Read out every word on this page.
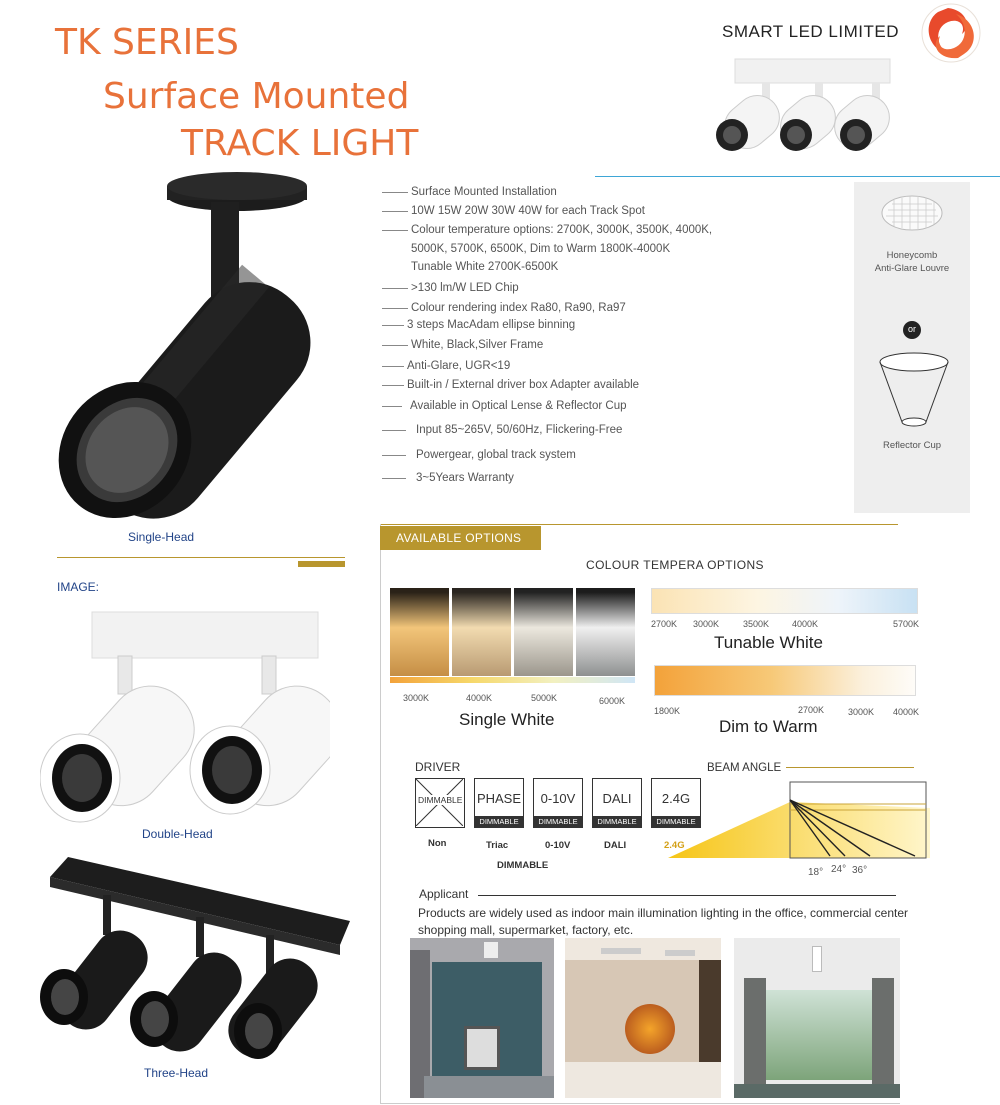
TK SERIES
Surface Mounted
TRACK LIGHT
SMART LED LIMITED
Single-Head
IMAGE:
Surface Mounted Installation
10W 15W 20W 30W 40W for each Track Spot
Colour temperature options: 2700K, 3000K, 3500K, 4000K,
5000K, 5700K, 6500K, Dim to Warm 1800K-4000K
Tunable White 2700K-6500K
>130 lm/W LED Chip
Colour rendering index Ra80, Ra90, Ra97
3 steps MacAdam ellipse binning
White, Black,Silver Frame
Anti-Glare, UGR<19
Built-in / External driver box Adapter available
Available in Optical Lense & Reflector Cup
Input 85~265V, 50/60Hz, Flickering-Free
Powergear, global track system
3~5Years Warranty
Honeycomb
Anti-Glare Louvre
or
Reflector Cup
Double-Head
Three-Head
AVAILABLE OPTIONS
COLOUR TEMPERA OPTIONS
3000K	4000K	5000K	6000K
Single White
2700K 3000K	3500K	4000K	5700K
Tunable White
1800K	2700K	3000K 4000K
Dim to Warm
DRIVER
DIMMABLE PHASE
DIMMABLE
0-10V
DIMMABLE
DALI
DIMMABLE
2.4G
DIMMABLE
Non	Triac	0-10V	DALI
DIMMABLE
BEAM ANGLE
18° 24° 36°
2.4G
Applicant
Products are widely used as indoor main illumination lighting in the office, commercial center
shopping mall, supermarket, factory, etc.
